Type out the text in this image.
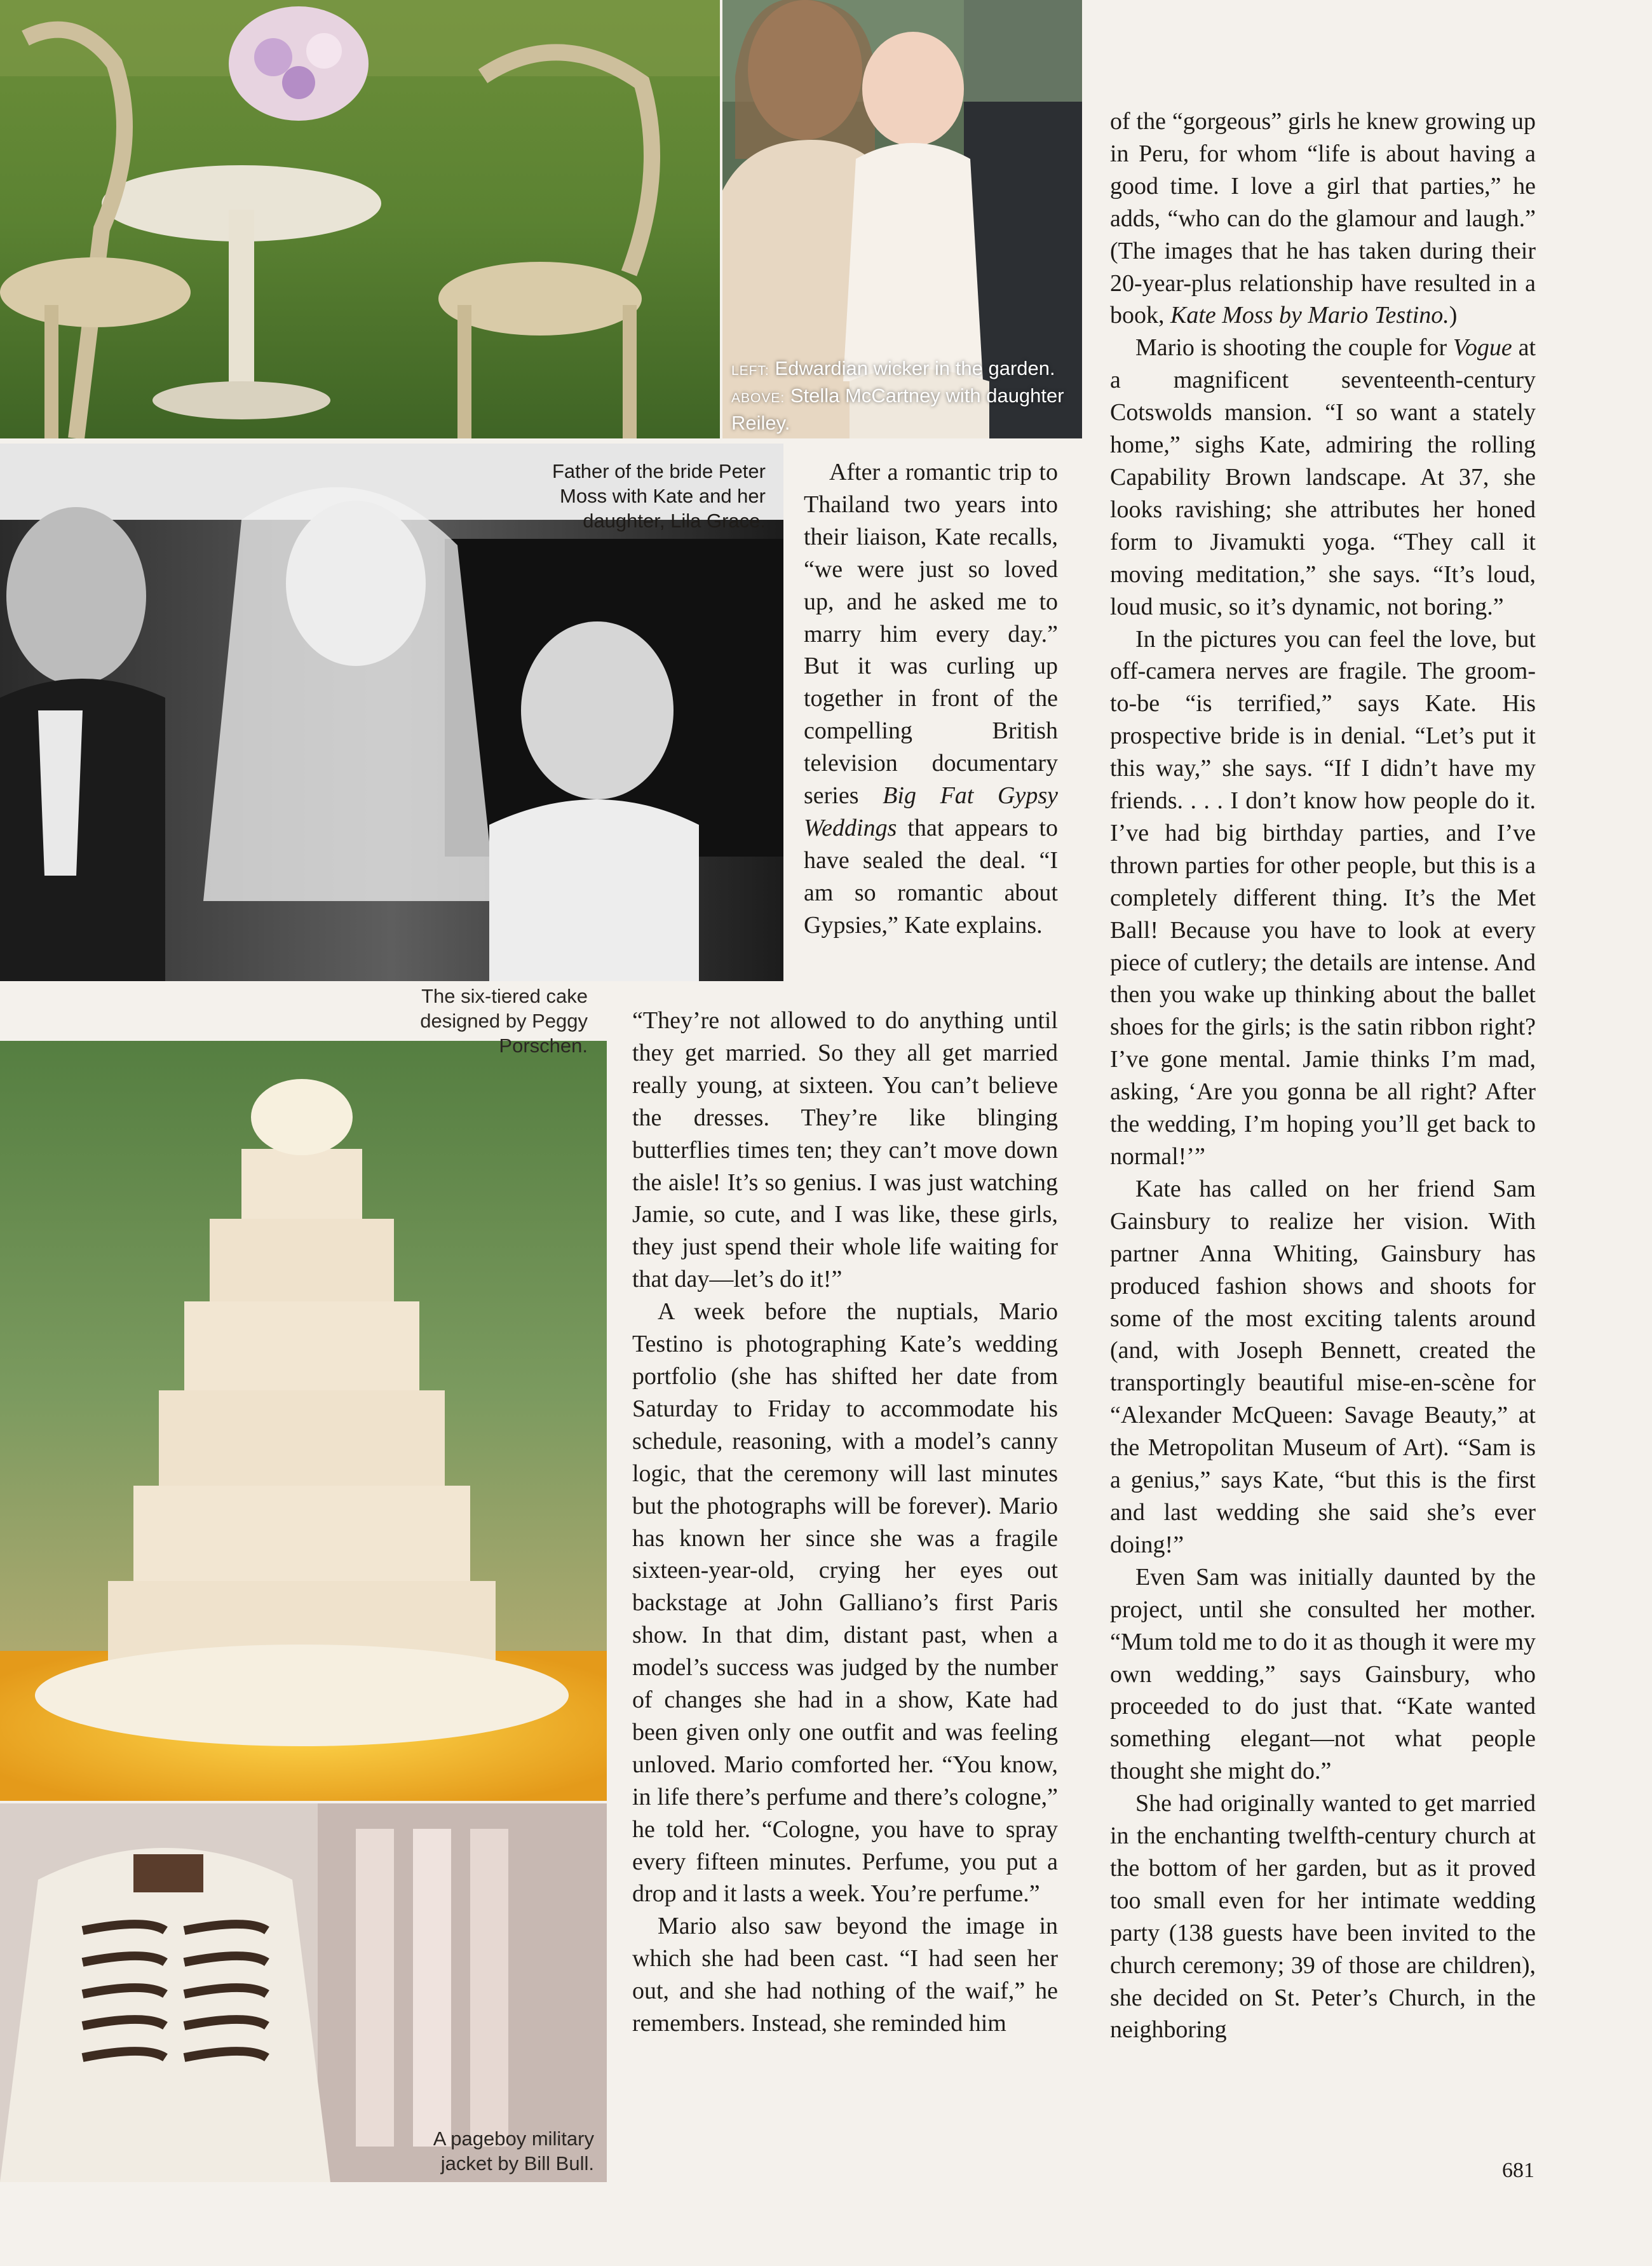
LEFT: Edwardian wicker in the garden. ABOVE: Stella McCartney with daughter Reiley.
Father of the bride Peter Moss with Kate and her daughter, Lila Grace.
The six-tiered cake designed by Peggy Porschen.
A pageboy military jacket by Bill Bull.

After a romantic trip to Thailand two years into their liaison, Kate recalls, “we were just so loved up, and he asked me to marry him every day.” But it was curling up together in front of the compelling British television documentary series Big Fat Gypsy Weddings that appears to have sealed the deal. “I am so romantic about Gypsies,” Kate explains.

“They’re not allowed to do anything until they get married. So they all get married really young, at sixteen. You can’t believe the dresses. They’re like blinging butterflies times ten; they can’t move down the aisle! It’s so genius. I was just watching Jamie, so cute, and I was like, these girls, they just spend their whole life waiting for that day—let’s do it!”

A week before the nuptials, Mario Testino is photographing Kate’s wedding portfolio (she has shifted her date from Saturday to Friday to accommodate his schedule, reasoning, with a model’s canny logic, that the ceremony will last minutes but the photographs will be forever). Mario has known her since she was a fragile sixteen-year-old, crying her eyes out backstage at John Galliano’s first Paris show. In that dim, distant past, when a model’s success was judged by the number of changes she had in a show, Kate had been given only one outfit and was feeling unloved. Mario comforted her. “You know, in life there’s perfume and there’s cologne,” he told her. “Cologne, you have to spray every fifteen minutes. Perfume, you put a drop and it lasts a week. You’re perfume.”

Mario also saw beyond the image in which she had been cast. “I had seen her out, and she had nothing of the waif,” he remembers. Instead, she reminded him

of the “gorgeous” girls he knew growing up in Peru, for whom “life is about having a good time. I love a girl that parties,” he adds, “who can do the glamour and laugh.” (The images that he has taken during their 20-year-plus relationship have resulted in a book, Kate Moss by Mario Testino.)

Mario is shooting the couple for Vogue at a magnificent seventeenth-century Cotswolds mansion. “I so want a stately home,” sighs Kate, admiring the rolling Capability Brown landscape. At 37, she looks ravishing; she attributes her honed form to Jivamukti yoga. “They call it moving meditation,” she says. “It’s loud, loud music, so it’s dynamic, not boring.”

In the pictures you can feel the love, but off-camera nerves are fragile. The groom-to-be “is terrified,” says Kate. His prospective bride is in denial. “Let’s put it this way,” she says. “If I didn’t have my friends. . . . I don’t know how people do it. I’ve had big birthday parties, and I’ve thrown parties for other people, but this is a completely different thing. It’s the Met Ball! Because you have to look at every piece of cutlery; the details are intense. And then you wake up thinking about the ballet shoes for the girls; is the satin ribbon right? I’ve gone mental. Jamie thinks I’m mad, asking, ‘Are you gonna be all right? After the wedding, I’m hoping you’ll get back to normal!’”

Kate has called on her friend Sam Gainsbury to realize her vision. With partner Anna Whiting, Gainsbury has produced fashion shows and shoots for some of the most exciting talents around (and, with Joseph Bennett, created the transportingly beautiful mise-en-scène for “Alexander McQueen: Savage Beauty,” at the Metropolitan Museum of Art). “Sam is a genius,” says Kate, “but this is the first and last wedding she said she’s ever doing!”

Even Sam was initially daunted by the project, until she consulted her mother. “Mum told me to do it as though it were my own wedding,” says Gainsbury, who proceeded to do just that. “Kate wanted something elegant—not what people thought she might do.”

She had originally wanted to get married in the enchanting twelfth-century church at the bottom of her garden, but as it proved too small even for her intimate wedding party (138 guests have been invited to the church ceremony; 39 of those are children), she decided on St. Peter’s Church, in the neighboring

681
